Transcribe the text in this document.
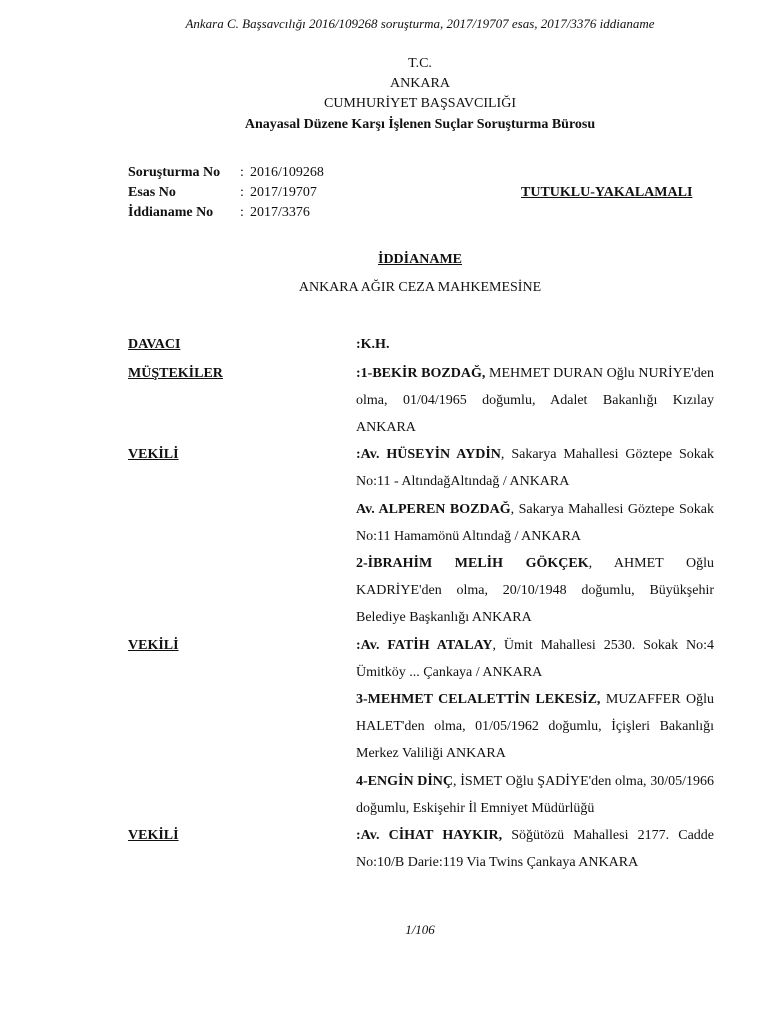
Ankara C. Başsavcılığı 2016/109268 soruşturma, 2017/19707 esas, 2017/3376 iddianame
T.C.
ANKARA
CUMHURİYET BAŞSAVCILIĞI
Anayasal Düzene Karşı İşlenen Suçlar Soruşturma Bürosu
Soruşturma No : 2016/109268
Esas No	: 2017/19707
İddianame No : 2017/3376
TUTUKLU-YAKALAMALI
İDDİANAME
ANKARA AĞIR CEZA MAHKEMESİNE
DAVACI	:K.H.
MÜŞTEKİLER	:1-BEKİR BOZDAĞ, MEHMET DURAN Oğlu NURİYE'den olma, 01/04/1965 doğumlu, Adalet Bakanlığı Kızılay ANKARA
VEKİLİ	:Av. HÜSEYİN AYDİN, Sakarya Mahallesi Göztepe Sokak No:11 - AltındağAltındağ / ANKARA
Av. ALPEREN BOZDAĞ, Sakarya Mahallesi Göztepe Sokak No:11 Hamamönü Altındağ / ANKARA
2-İBRAHİM MELİH GÖKÇEK, AHMET Oğlu KADRİYE'den olma, 20/10/1948 doğumlu, Büyükşehir Belediye Başkanlığı ANKARA
VEKİLİ	:Av. FATİH ATALAY, Ümit Mahallesi 2530. Sokak No:4 Ümitköy ... Çankaya / ANKARA
3-MEHMET CELALETTİN LEKESİZ, MUZAFFER Oğlu HALET'den olma, 01/05/1962 doğumlu, İçişleri Bakanlığı Merkez Valiliği ANKARA
4-ENGİN DİNÇ, İSMET Oğlu ŞADİYE'den olma, 30/05/1966 doğumlu, Eskişehir İl Emniyet Müdürlüğü
VEKİLİ	:Av. CİHAT HAYKIR, Söğütözü Mahallesi 2177. Cadde No:10/B Darie:119 Via Twins Çankaya ANKARA
1/106
